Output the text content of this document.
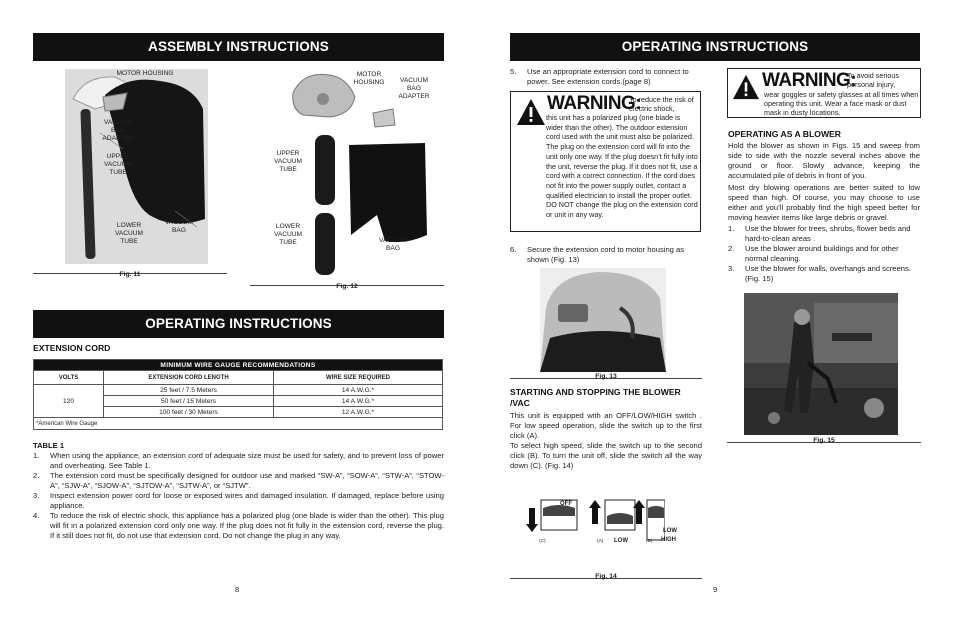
ASSEMBLY INSTRUCTIONS
MOTOR HOUSING
VACUUM BAG ADAPTER
UPPER VACUUM TUBE
LOWER VACUUM TUBE
VACUUM BAG
Fig. 11
MOTOR HOUSING	VACUUM BAG ADAPTER
UPPER VACUUM TUBE
LOWER VACUUM TUBE	VACUUM BAG
Fig. 12
OPERATING INSTRUCTIONS
EXTENSION CORD
MINIMUM WIRE GAUGE RECOMMENDATIONS		
VOLTS	EXTENSION CORD LENGTH	WIRE SIZE REQUIRED
120	25 feet / 7.5 Meters	14 A.W.G.*
	50 feet / 15 Meters	14 A.W.G.*
	100 feet / 30 Meters	12 A.W.G.*
*American Wire Gauge		
TABLE 1
1. When using the appliance, an extension cord of adequate size must be used for safety, and to prevent loss of power and overheating. See Table 1.
2. The extension cord must be specifically designed for outdoor use and marked “SW-A”, “SOW-A”, “STW-A”, “STOW-A”, “SJW-A”, “SJOW-A”, “SJTOW-A”, “SJTW-A”, or “SJTW”.
3. Inspect extension power cord for loose or exposed wires and damaged insulation. If damaged, replace before using appliance.
4. To reduce the risk of electric shock, this appliance has a polarized plug (one blade is wider than the other). This plug will fit in a polarized extension cord only one way. If the plug does not fit fully in the extension cord, reverse the plug. If it still does not fit, do not use that extension cord. Do not change the plug in any way.
8
OPERATING INSTRUCTIONS
5. Use an appropriate extension cord to connect to power. See extension cords.(page 8)
WARNING:
To reduce the risk of electric shock,
this unit has a polarized plug (one blade is wider than the other). The outdoor extension cord used with the unit must also be polarized. The plug on the extension cord will fit into the unit only one way. If the plug doesn’t fit fully into the unit, reverse the plug. If it does not fit, use a cord with a correct connection. If the cord does not fit into the power supply outlet, contact a qualified electrician to install the proper outlet. DO NOT change the plug on the extension cord or unit in any way.
6. Secure the extension cord to motor housing as shown (Fig. 13)
Fig. 13
STARTING AND STOPPING THE BLOWER /VAC

This unit is equipped with an OFF/LOW/HIGH switch . For low speed operation, slide the switch up to the first click (A).

To select high speed, slide the switch up to the second click (B). To turn the unit off, slide the switch all the way down (C). (Fig. 14)

OFF
LOW
LOW
HIGH
(C)	(A)	(B)
Fig. 14
9
WARNING:
To avoid serious personal injury,
wear goggles or safety glasses at all times when operating this unit. Wear a face mask or dust mask in dusty locations.
OPERATING AS A BLOWER

Hold the blower as shown in Figs. 15 and sweep from side to side with the nozzle several inches above the ground or floor. Slowly advance, keeping the accumulated pile of debris in front of you.

Most dry blowing operations are better suited to low speed than high. Of course, you may choose to use either and you’ll probably find the high speed better for moving heavier items like large debris or gravel.

1. Use the blower for trees, shrubs, flower beds and hard-to-clean areas .
2. Use the blower around buildings and for other normal cleaning.
3. Use the blower for walls, overhangs and screens. (Fig. 15)
Fig. 15
